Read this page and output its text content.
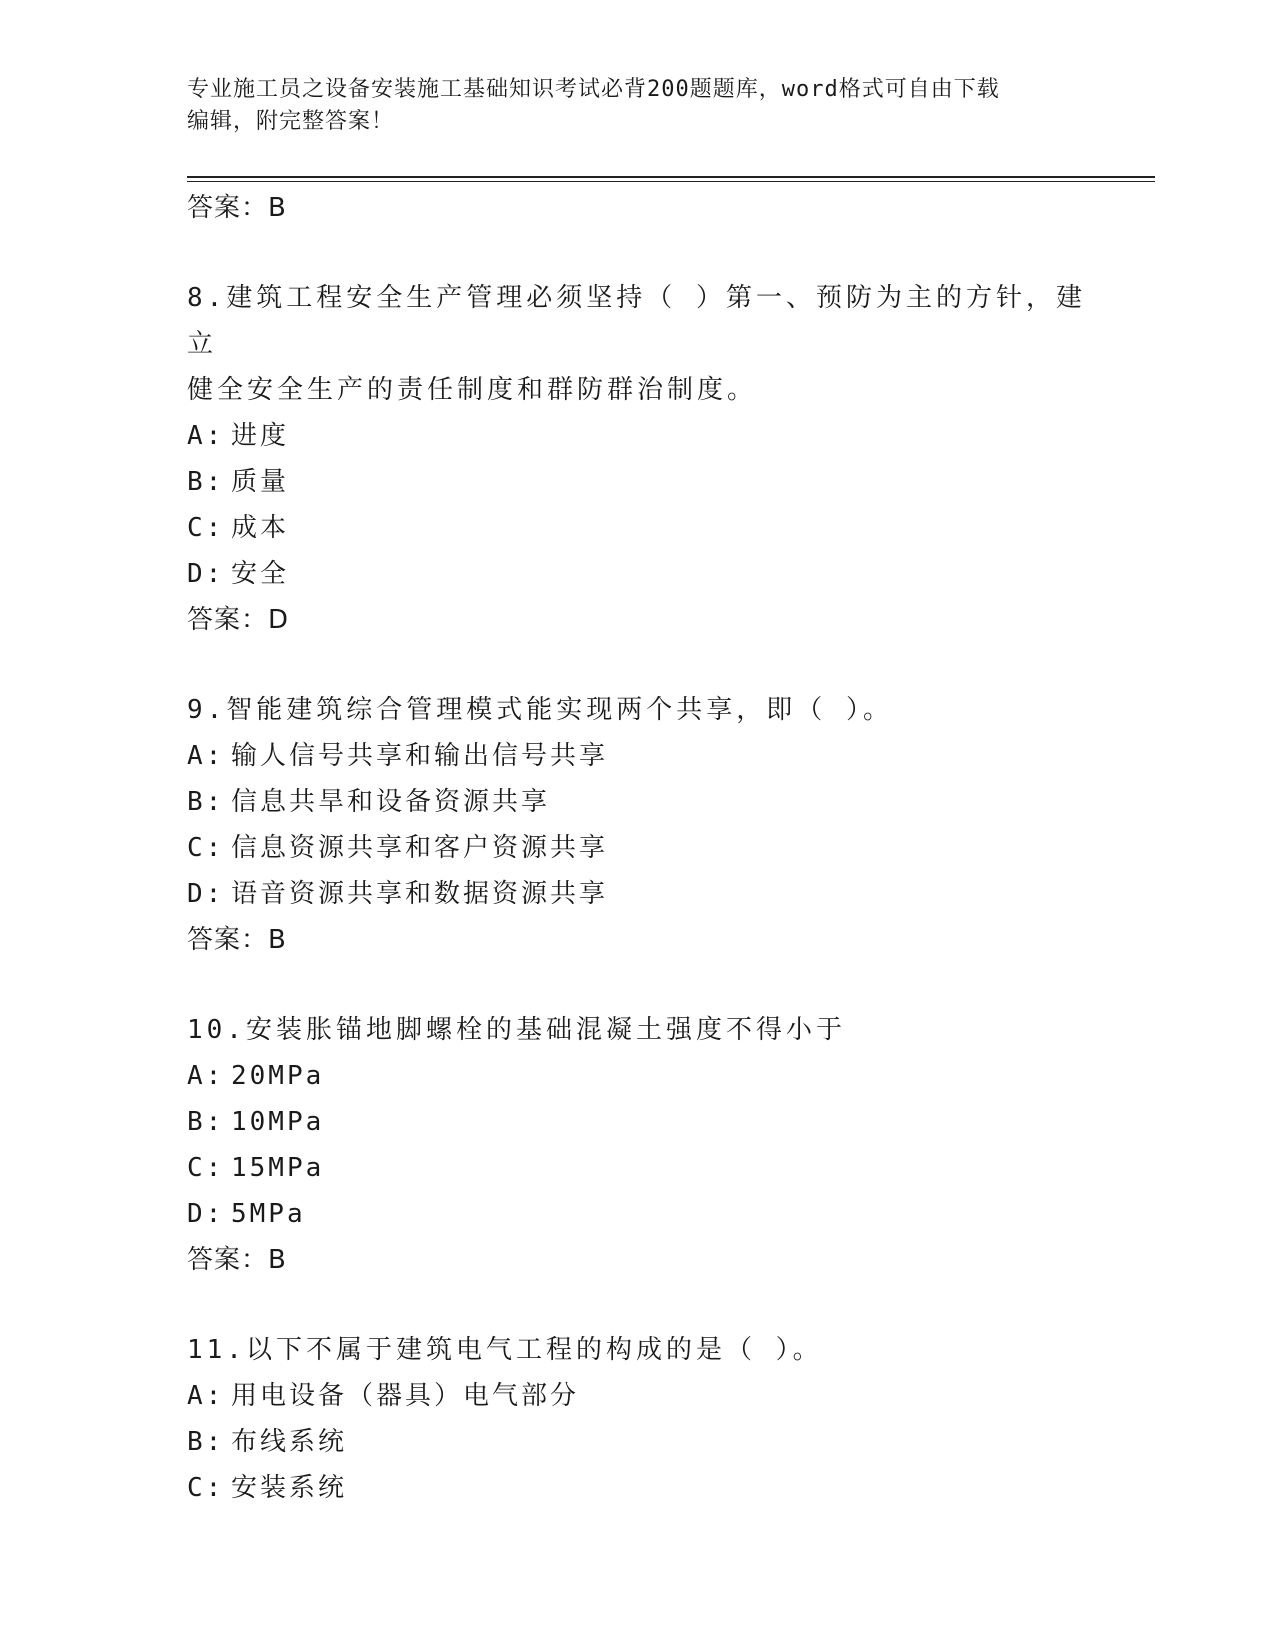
专业施工员之设备安装施工基础知识考试必背200题题库，word格式可自由下载
编辑，附完整答案！
答案：B
8.建筑工程安全生产管理必须坚持（ ）第一、预防为主的方针，建立
健全安全生产的责任制度和群防群治制度。
A: 进度
B: 质量
C: 成本
D: 安全
答案：D
9.智能建筑综合管理模式能实现两个共享，即（ ）。
A: 输人信号共享和输出信号共享
B: 信息共旱和设备资源共享
C: 信息资源共享和客户资源共享
D: 语音资源共享和数据资源共享
答案：B
10.安装胀锚地脚螺栓的基础混凝土强度不得小于
A: 20MPa
B: 10MPa
C: 15MPa
D: 5MPa
答案：B
11.以下不属于建筑电气工程的构成的是（ ）。
A: 用电设备（器具）电气部分
B: 布线系统
C: 安装系统
